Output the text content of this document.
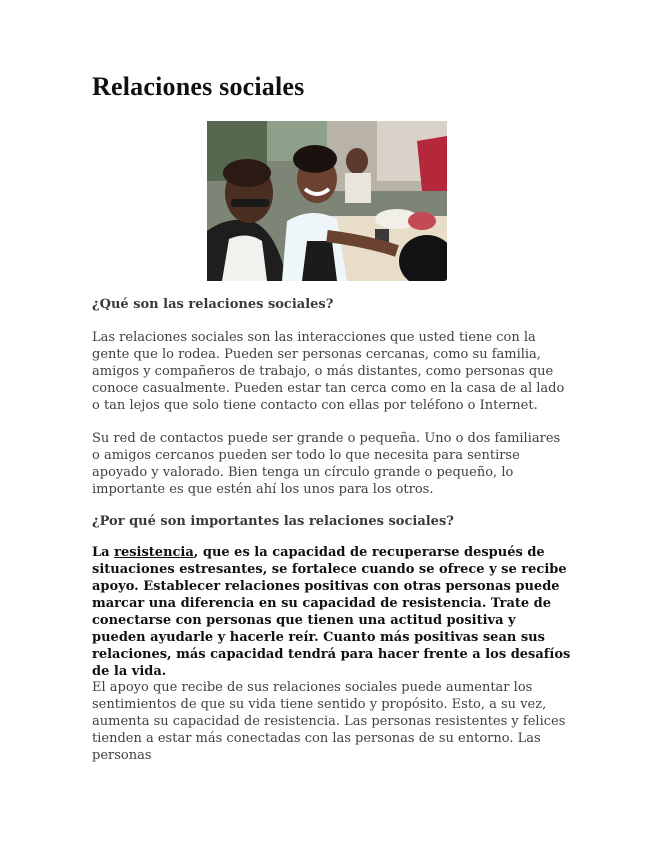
Relaciones sociales

¿Qué son las relaciones sociales?

Las relaciones sociales son las interacciones que usted tiene con la gente que lo rodea. Pueden ser personas cercanas, como su familia, amigos y compañeros de trabajo, o más distantes, como personas que conoce casualmente. Pueden estar tan cerca como en la casa de al lado o tan lejos que solo tiene contacto con ellas por teléfono o Internet.

Su red de contactos puede ser grande o pequeña. Uno o dos familiares o amigos cercanos pueden ser todo lo que necesita para sentirse apoyado y valorado. Bien tenga un círculo grande o pequeño, lo importante es que estén ahí los unos para los otros.

¿Por qué son importantes las relaciones sociales?

La resistencia, que es la capacidad de recuperarse después de situaciones estresantes, se fortalece cuando se ofrece y se recibe apoyo. Establecer relaciones positivas con otras personas puede marcar una diferencia en su capacidad de resistencia. Trate de conectarse con personas que tienen una actitud positiva y pueden ayudarle y hacerle reír. Cuanto más positivas sean sus relaciones, más capacidad tendrá para hacer frente a los desafíos de la vida.

El apoyo que recibe de sus relaciones sociales puede aumentar los sentimientos de que su vida tiene sentido y propósito. Esto, a su vez, aumenta su capacidad de resistencia. Las personas resistentes y felices tienden a estar más conectadas con las personas de su entorno. Las personas
